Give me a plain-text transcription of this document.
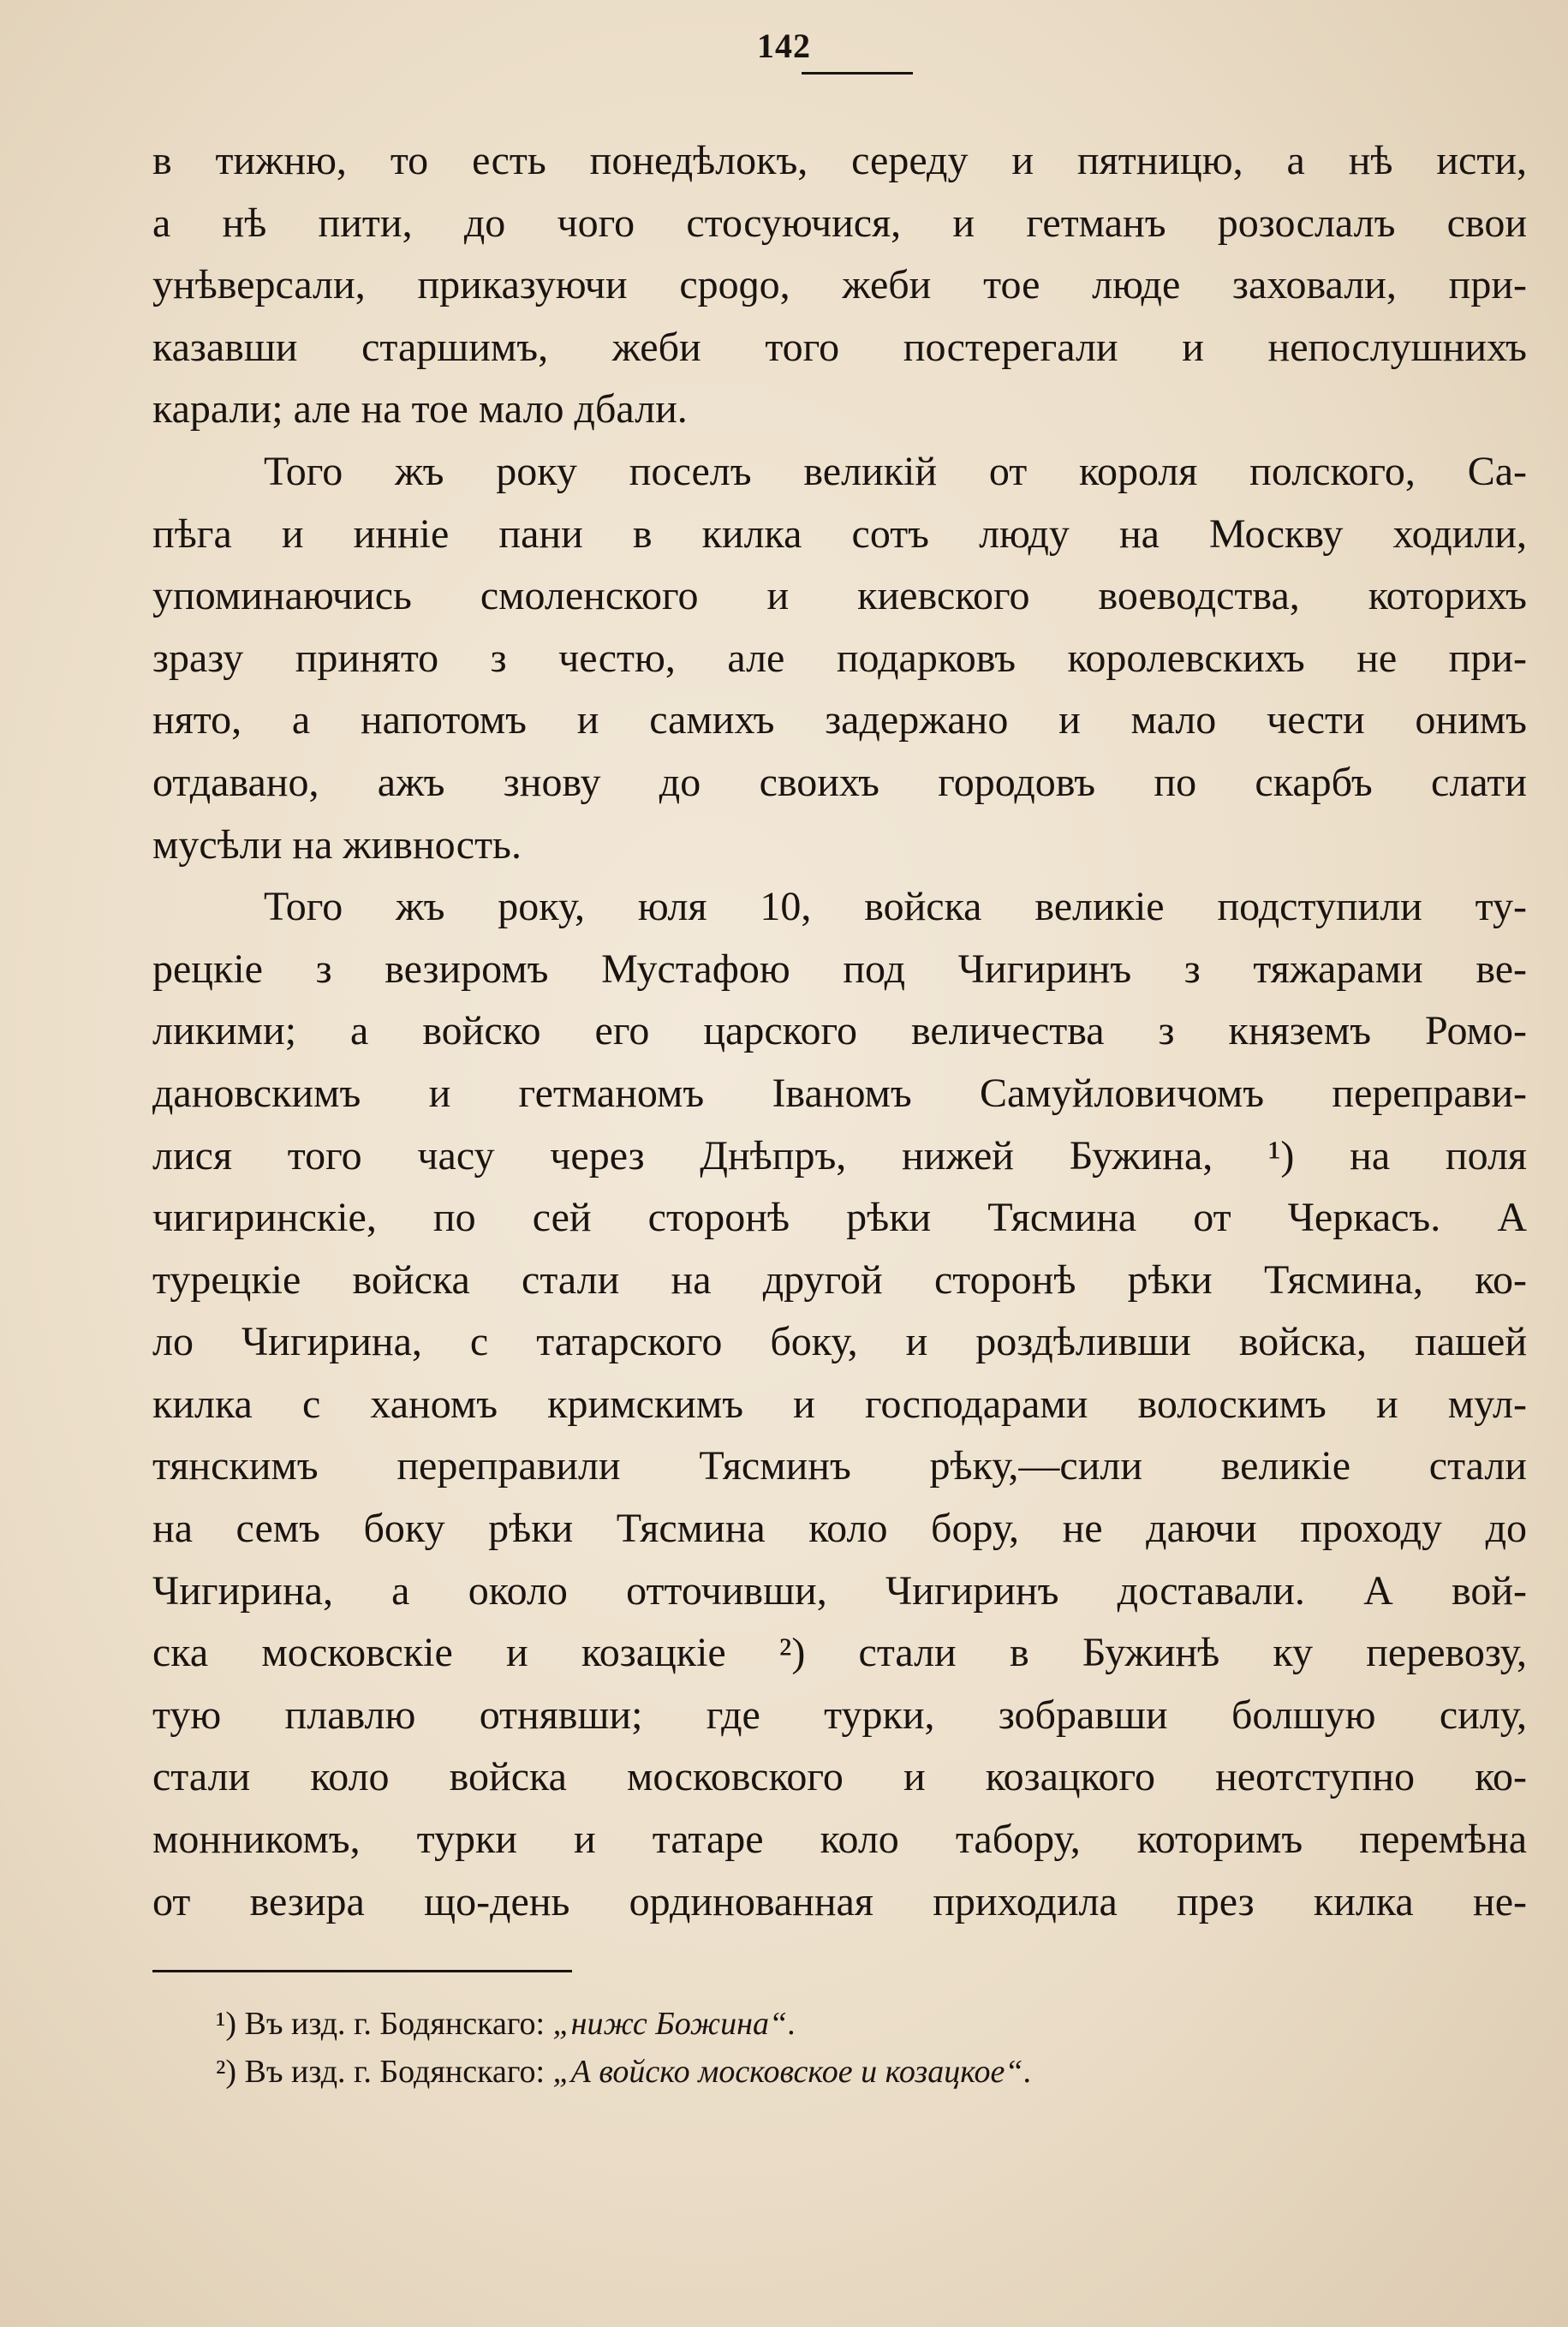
142
в тижню, то есть понедѣлокъ, середу и пятницю, а нѣ исти,
а нѣ пити, до чого стосуючися, и гетманъ розослалъ свои
унѣверсали, приказуючи сроɡо, жеби тое люде заховали, при-
казавши старшимъ, жеби того постерегали и непослушнихъ
карали; але на тое мало дбали.
Того жъ року поселъ великій от короля полского, Са-
пѣга и инніе пани в килка сотъ люду на Москву ходили,
упоминаючись смоленского и киевского воеводства, которихъ
зразу принято з честю, але подарковъ королевскихъ не при-
нято, а напотомъ и самихъ задержано и мало чести онимъ
отдавано, ажъ знову до своихъ городовъ по скарбъ слати
мусѣли на живность.
Того жъ року, юля 10, войска великіе подступили ту-
рецкіе з везиромъ Мустафою под Чигиринъ з тяжарами ве-
ликими; а войско его царского величества з княземъ Ромо-
дановскимъ и гетманомъ Іваномъ Самуйловичомъ переправи-
лися того часу через Днѣпръ, нижей Бужина, ¹) на поля
чигиринскіе, по сей сторонѣ рѣки Тясмина от Черкасъ. А
турецкіе войска стали на другой сторонѣ рѣки Тясмина, ко-
ло Чигирина, с татарского боку, и роздѣливши войска, пашей
килка с ханомъ кримскимъ и господарами волоскимъ и мул-
тянскимъ переправили Тясминъ рѣку,—сили великіе стали
на семъ боку рѣки Тясмина коло бору, не даючи проходу до
Чигирина, а около отточивши, Чигиринъ доставали. А вой-
ска московскіе и козацкіе ²) стали в Бужинѣ ку перевозу,
тую плавлю отнявши; где турки, зобравши болшую силу,
стали коло войска московского и козацкого неотступно ко-
монникомъ, турки и татаре коло табору, которимъ перемѣна
от везира що-день ординованная приходила през килка не-
¹) Въ изд. г. Бодянскаго: „нижс Божина“.
²) Въ изд. г. Бодянскаго: „А войско московское и козацкое“.
